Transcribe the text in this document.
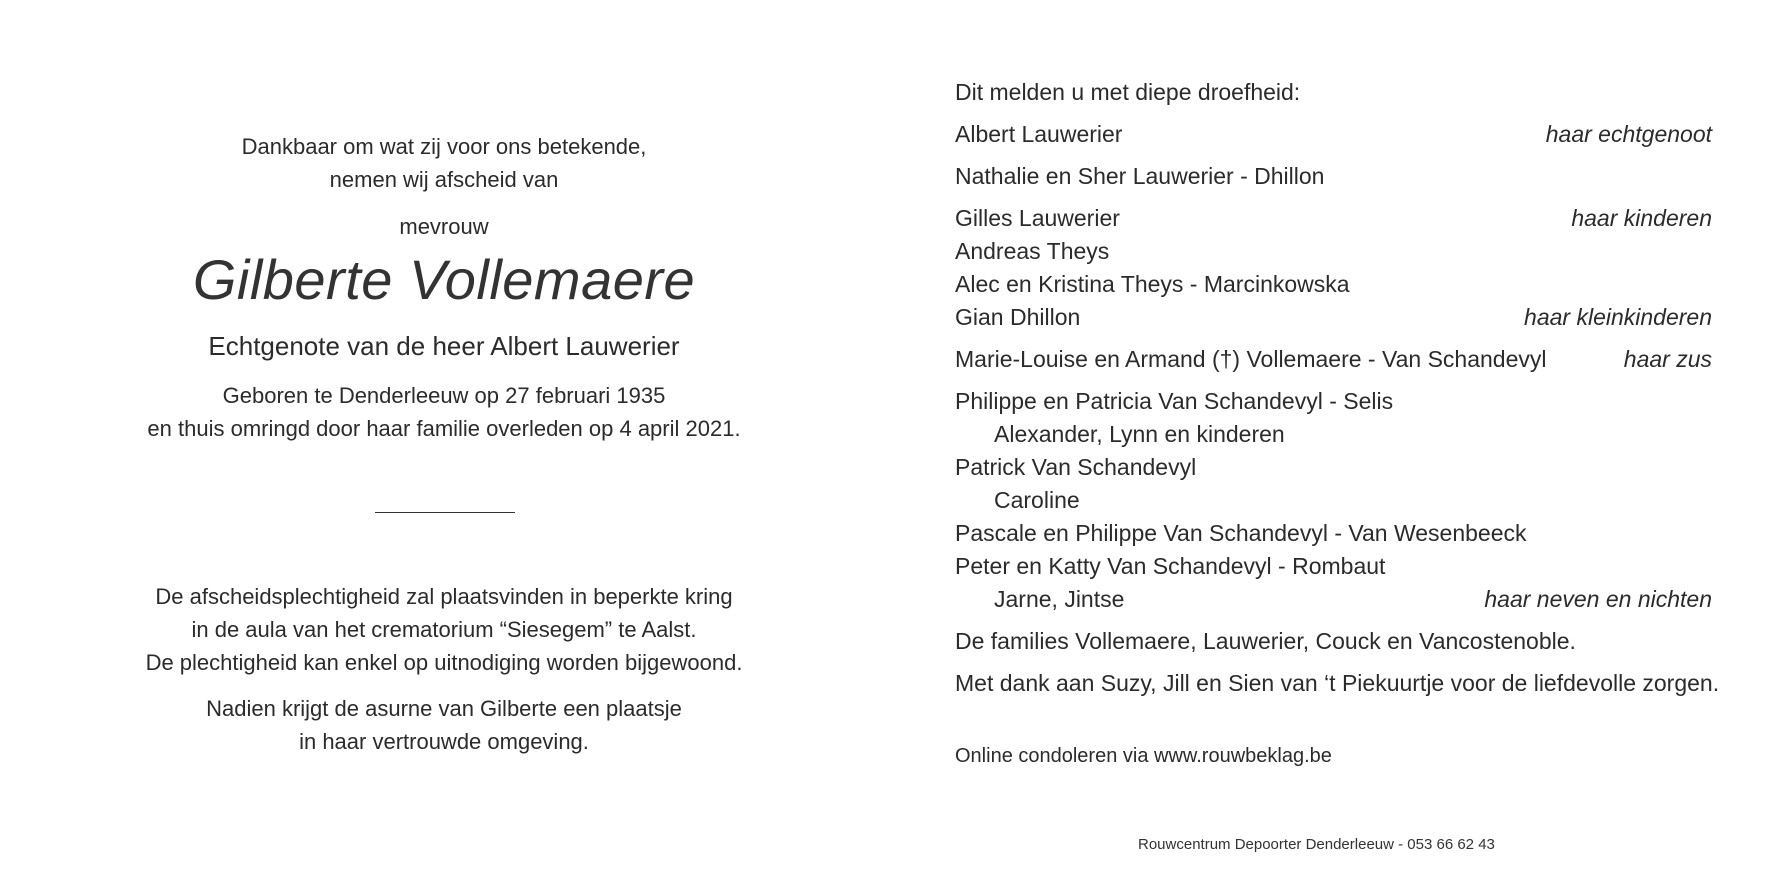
Dankbaar om wat zij voor ons betekende,
nemen wij afscheid van
mevrouw
Gilberte Vollemaere
Echtgenote van de heer Albert Lauwerier
Geboren te Denderleeuw op 27 februari 1935
en thuis omringd door haar familie overleden op 4 april 2021.
De afscheidsplechtigheid zal plaatsvinden in beperkte kring
in de aula van het crematorium “Siesegem” te Aalst.
De plechtigheid kan enkel op uitnodiging worden bijgewoond.
Nadien krijgt de asurne van Gilberte een plaatsje
in haar vertrouwde omgeving.
Dit melden u met diepe droefheid:
Albert Lauwerier	haar echtgenoot
Nathalie en Sher Lauwerier - Dhillon
Gilles Lauwerier	haar kinderen
Andreas Theys
Alec en Kristina Theys - Marcinkowska
Gian Dhillon	haar kleinkinderen
Marie-Louise en Armand (†) Vollemaere - Van Schandevyl	haar zus
Philippe en Patricia Van Schandevyl - Selis
Alexander, Lynn en kinderen
Patrick Van Schandevyl
Caroline
Pascale en Philippe Van Schandevyl - Van Wesenbeeck
Peter en Katty Van Schandevyl - Rombaut
Jarne, Jintse	haar neven en nichten
De families Vollemaere, Lauwerier, Couck en Vancostenoble.
Met dank aan Suzy, Jill en Sien van ‘t Piekuurtje voor de liefdevolle zorgen.
Online condoleren via www.rouwbeklag.be
Rouwcentrum Depoorter Denderleeuw - 053 66 62 43
